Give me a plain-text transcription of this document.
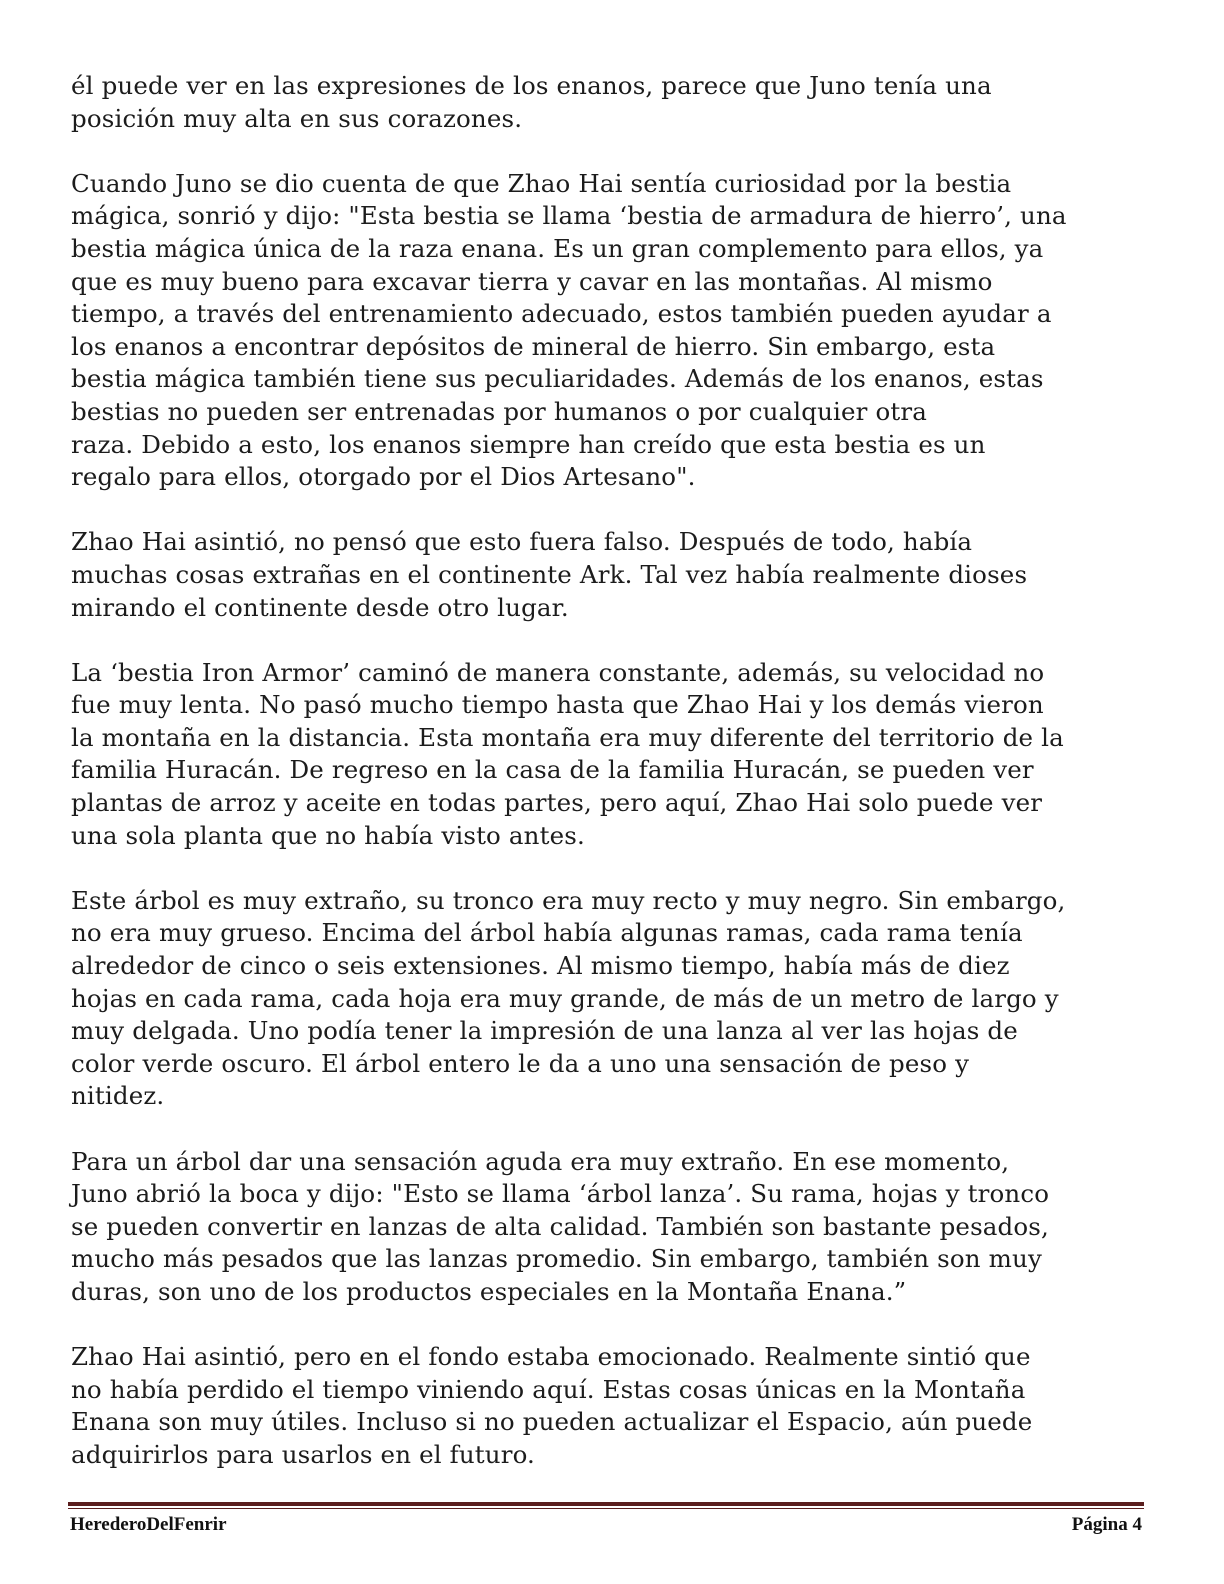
él puede ver en las expresiones de los enanos, parece que Juno tenía una
posición muy alta en sus corazones.

Cuando Juno se dio cuenta de que Zhao Hai sentía curiosidad por la bestia
mágica, sonrió y dijo: "Esta bestia se llama ‘bestia de armadura de hierro’, una
bestia mágica única de la raza enana. Es un gran complemento para ellos, ya
que es muy bueno para excavar tierra y cavar en las montañas. Al mismo
tiempo, a través del entrenamiento adecuado, estos también pueden ayudar a
los enanos a encontrar depósitos de mineral de hierro. Sin embargo, esta
bestia mágica también tiene sus peculiaridades. Además de los enanos, estas
bestias no pueden ser entrenadas por humanos o por cualquier otra
raza. Debido a esto, los enanos siempre han creído que esta bestia es un
regalo para ellos, otorgado por el Dios Artesano".

Zhao Hai asintió, no pensó que esto fuera falso. Después de todo, había
muchas cosas extrañas en el continente Ark. Tal vez había realmente dioses
mirando el continente desde otro lugar.

La ‘bestia Iron Armor’ caminó de manera constante, además, su velocidad no
fue muy lenta. No pasó mucho tiempo hasta que Zhao Hai y los demás vieron
la montaña en la distancia. Esta montaña era muy diferente del territorio de la
familia Huracán. De regreso en la casa de la familia Huracán, se pueden ver
plantas de arroz y aceite en todas partes, pero aquí, Zhao Hai solo puede ver
una sola planta que no había visto antes.

Este árbol es muy extraño, su tronco era muy recto y muy negro. Sin embargo,
no era muy grueso. Encima del árbol había algunas ramas, cada rama tenía
alrededor de cinco o seis extensiones. Al mismo tiempo, había más de diez
hojas en cada rama, cada hoja era muy grande, de más de un metro de largo y
muy delgada. Uno podía tener la impresión de una lanza al ver las hojas de
color verde oscuro. El árbol entero le da a uno una sensación de peso y
nitidez.

Para un árbol dar una sensación aguda era muy extraño. En ese momento,
Juno abrió la boca y dijo: "Esto se llama ‘árbol lanza’. Su rama, hojas y tronco
se pueden convertir en lanzas de alta calidad. También son bastante pesados,
mucho más pesados que las lanzas promedio. Sin embargo, también son muy
duras, son uno de los productos especiales en la Montaña Enana.”

Zhao Hai asintió, pero en el fondo estaba emocionado. Realmente sintió que
no había perdido el tiempo viniendo aquí. Estas cosas únicas en la Montaña
Enana son muy útiles. Incluso si no pueden actualizar el Espacio, aún puede
adquirirlos para usarlos en el futuro.

HerederoDelFenrir	Página 4
